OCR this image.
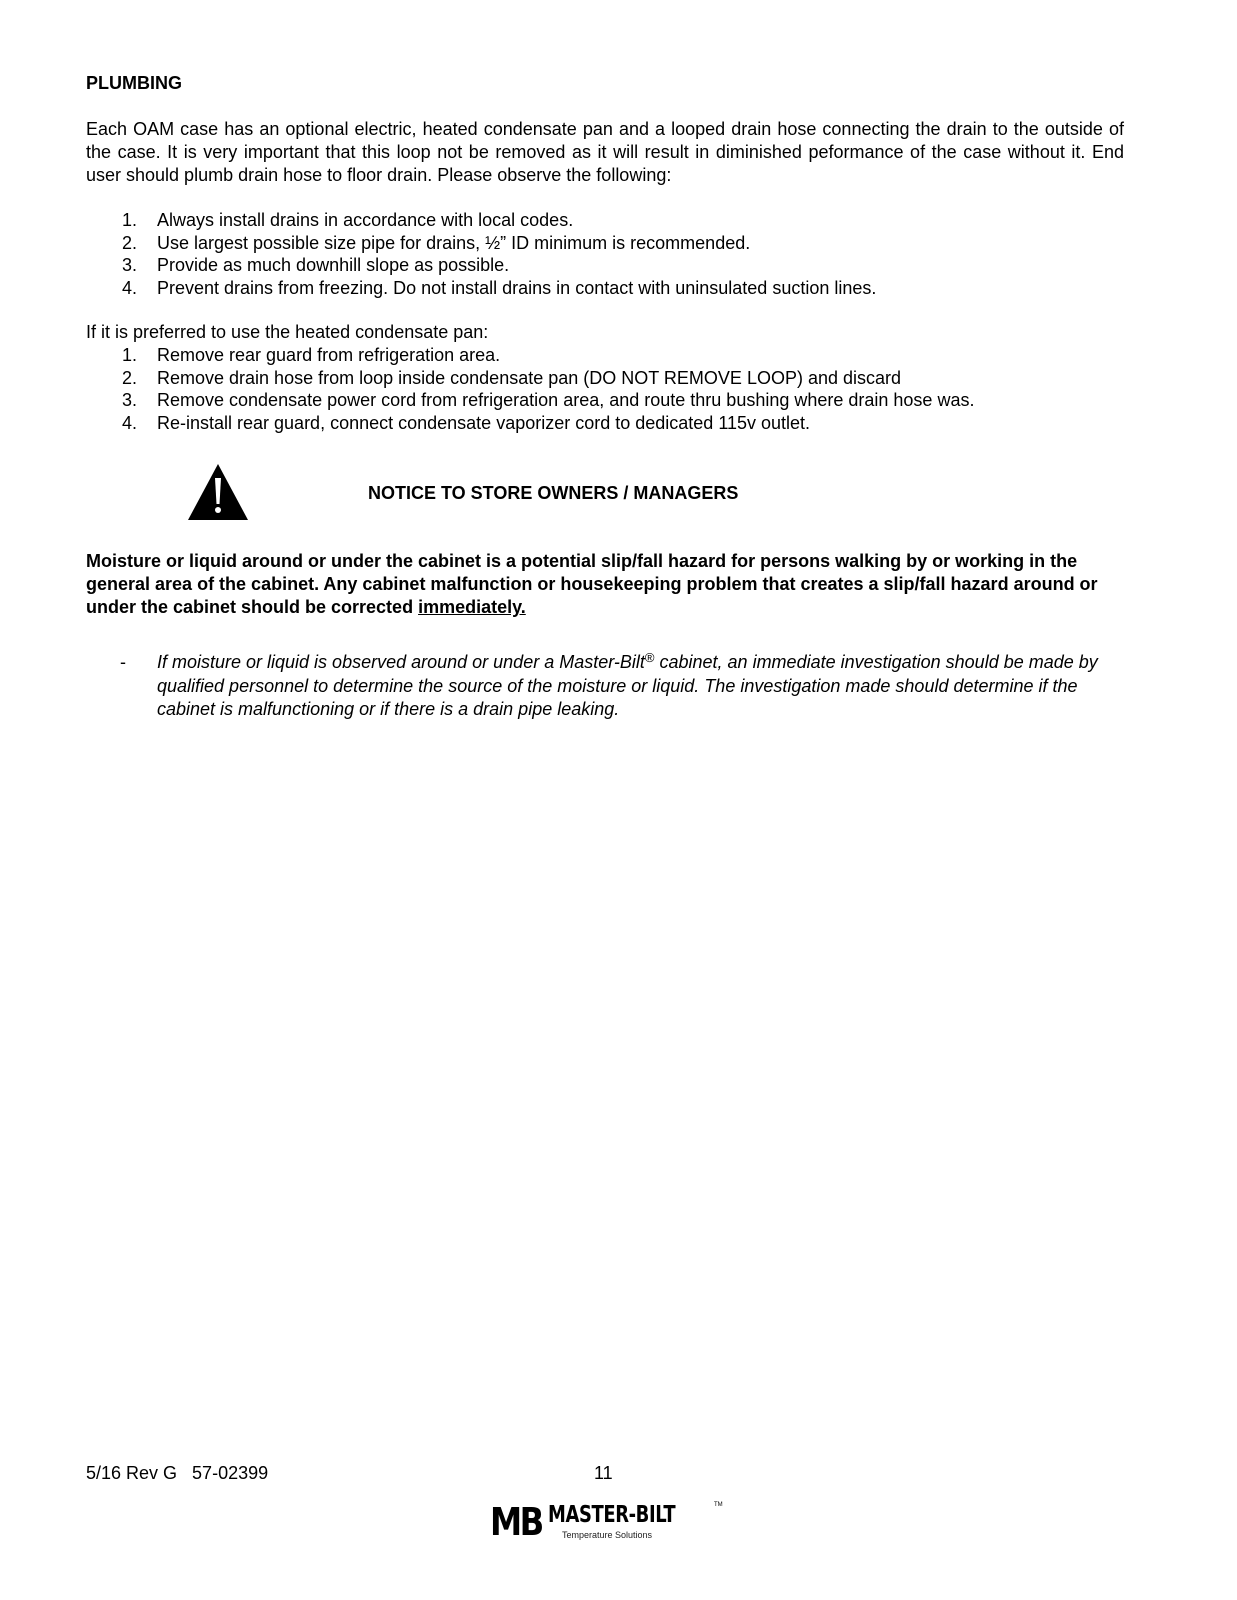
PLUMBING
Each OAM case has an optional electric, heated condensate pan and a looped drain hose connecting the drain to the outside of the case. It is very important that this loop not be removed as it will result in diminished peformance of the case without it. End user should plumb drain hose to floor drain. Please observe the following:
1. Always install drains in accordance with local codes.
2. Use largest possible size pipe for drains, ½” ID minimum is recommended.
3. Provide as much downhill slope as possible.
4. Prevent drains from freezing. Do not install drains in contact with uninsulated suction lines.
If it is preferred to use the heated condensate pan:
1. Remove rear guard from refrigeration area.
2. Remove drain hose from loop inside condensate pan (DO NOT REMOVE LOOP) and discard
3. Remove condensate power cord from refrigeration area, and route thru bushing where drain hose was.
4. Re-install rear guard, connect condensate vaporizer cord to dedicated 115v outlet.
NOTICE TO STORE OWNERS / MANAGERS
Moisture or liquid around or under the cabinet is a potential slip/fall hazard for persons walking by or working in the general area of the cabinet. Any cabinet malfunction or housekeeping problem that creates a slip/fall hazard around or under the cabinet should be corrected immediately.
- If moisture or liquid is observed around or under a Master-Bilt® cabinet, an immediate investigation should be made by qualified personnel to determine the source of the moisture or liquid. The investigation made should determine if the cabinet is malfunctioning or if there is a drain pipe leaking.
5/16 Rev G   57-02399	11
MB MASTER-BILT
Temperature Solutions
TM
